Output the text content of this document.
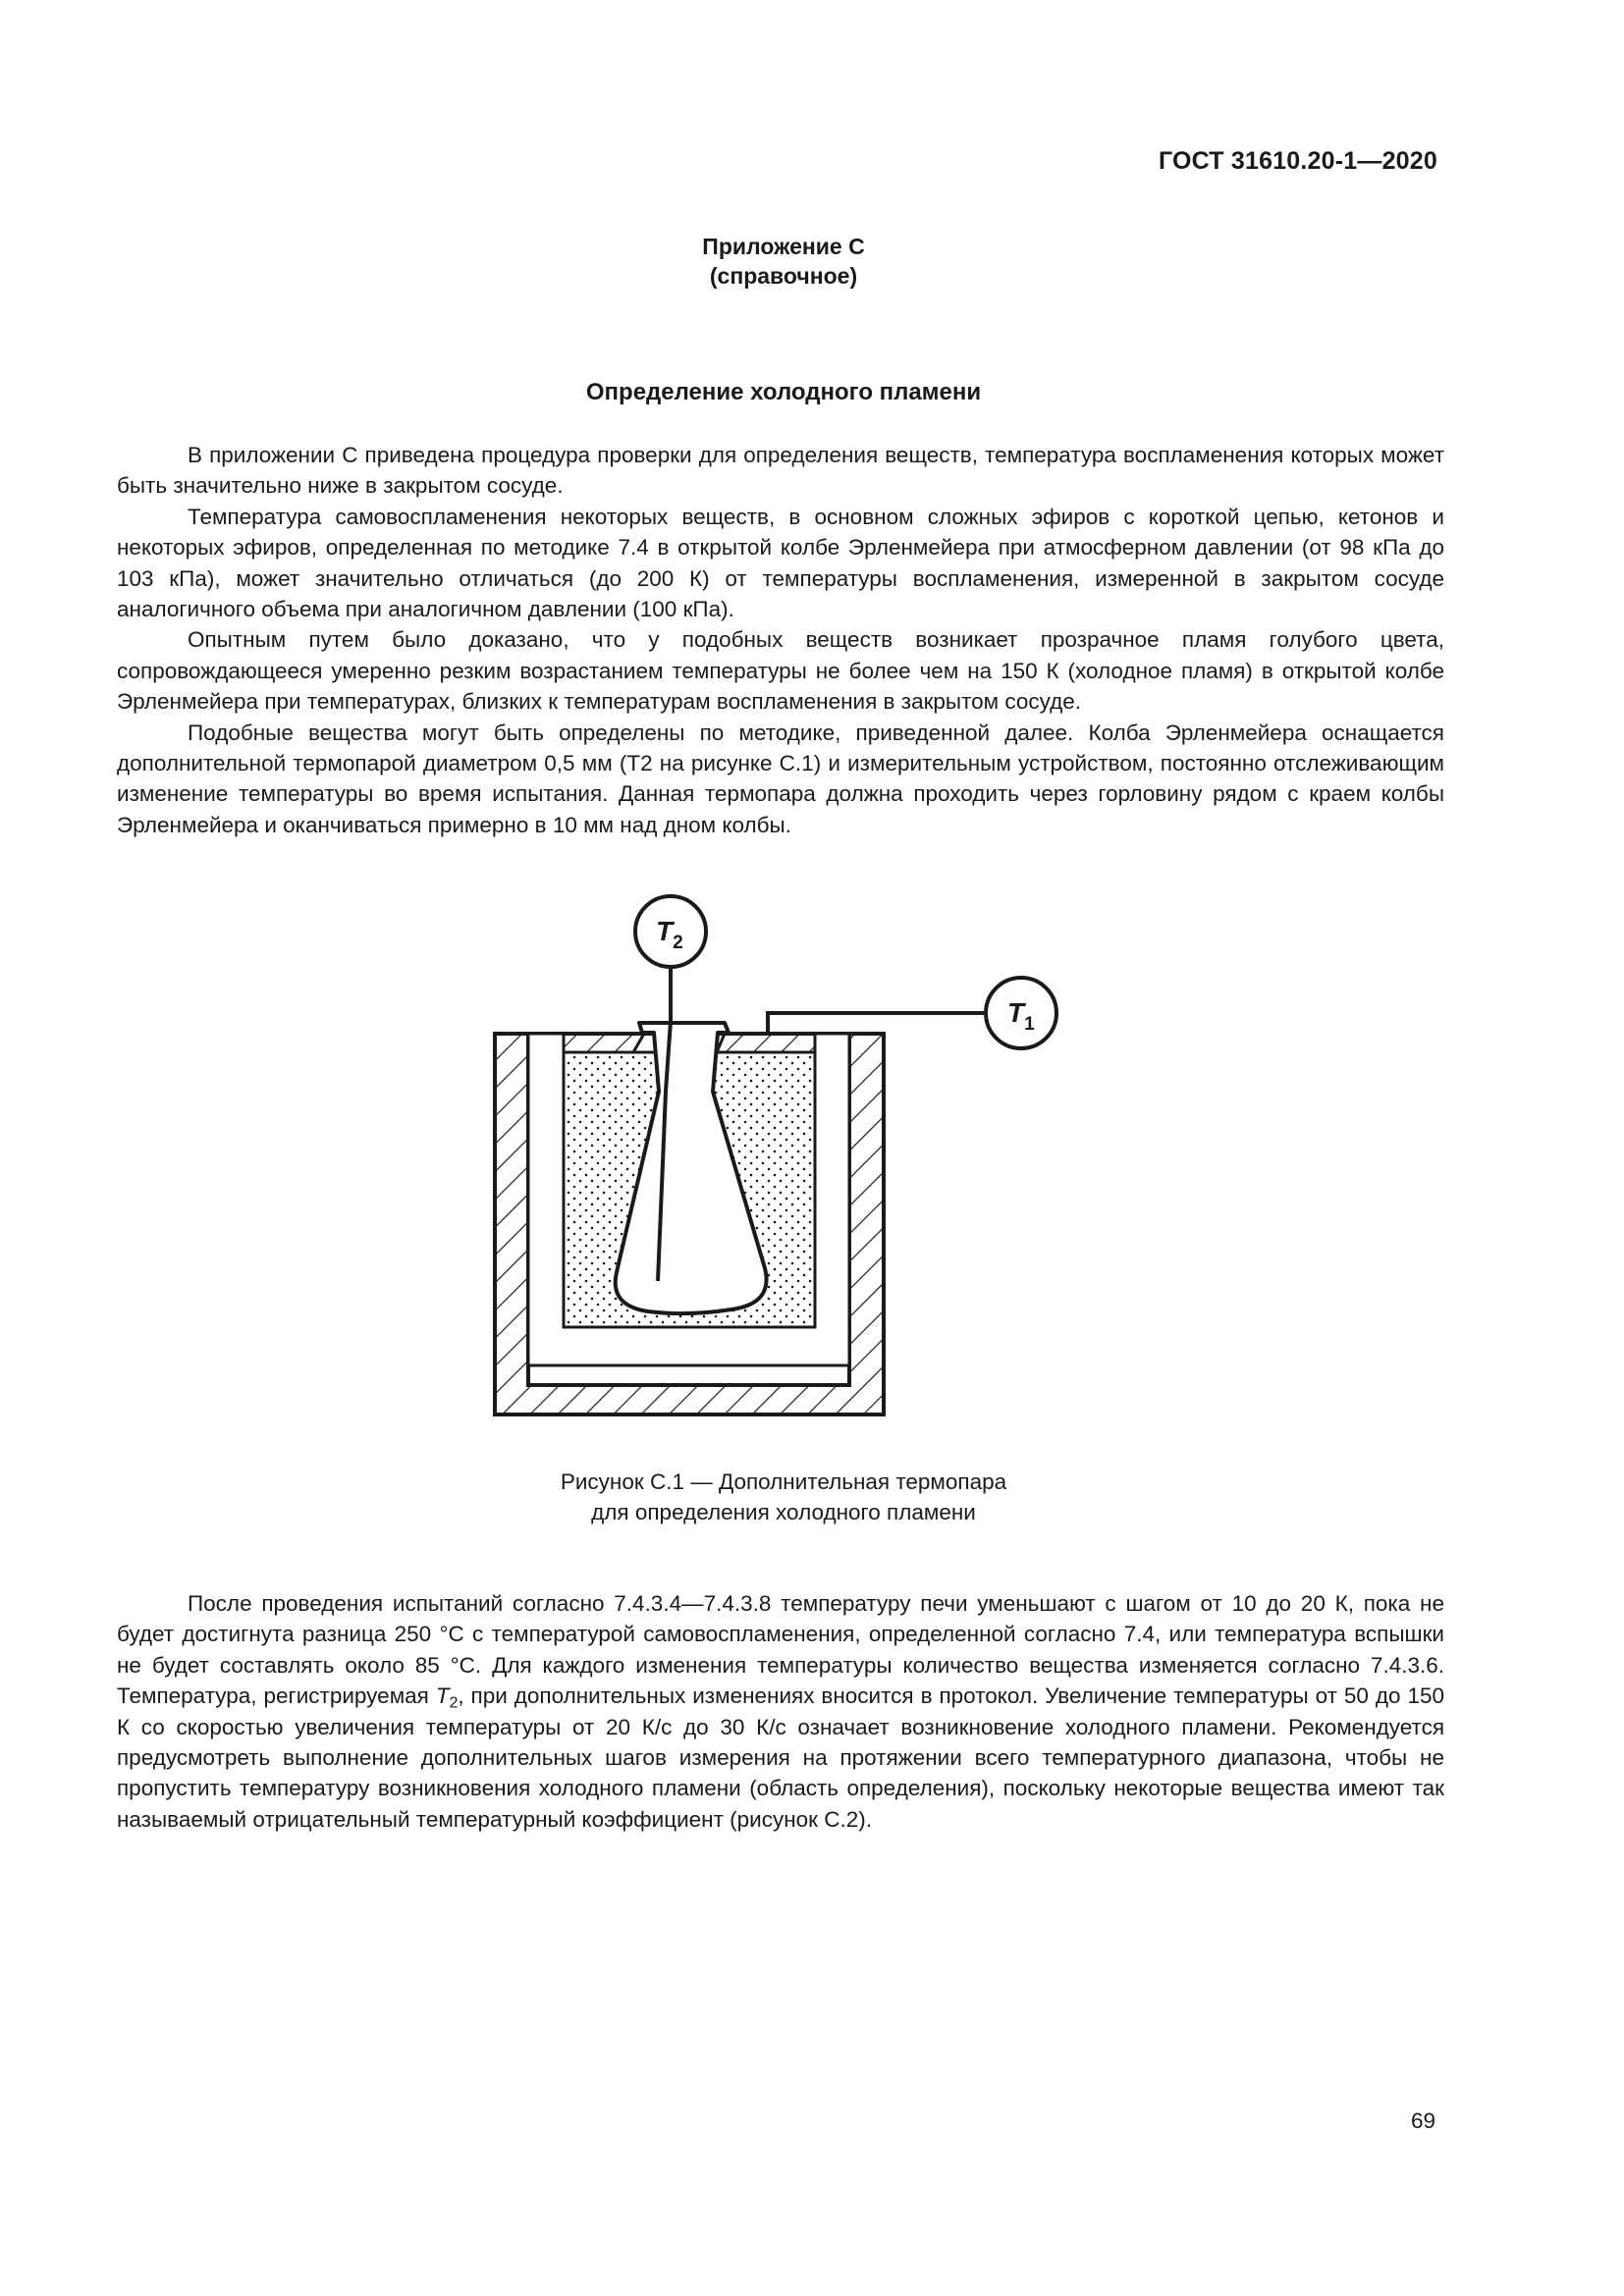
ГОСТ 31610.20-1—2020
Приложение С
(справочное)
Определение холодного пламени

В приложении С приведена процедура проверки для определения веществ, температура воспламенения которых может быть значительно ниже в закрытом сосуде.

Температура самовоспламенения некоторых веществ, в основном сложных эфиров с короткой цепью, кетонов и некоторых эфиров, определенная по методике 7.4 в открытой колбе Эрленмейера при атмосферном давлении (от 98 кПа до 103 кПа), может значительно отличаться (до 200 К) от температуры воспламенения, измеренной в закрытом сосуде аналогичного объема при аналогичном давлении (100 кПа).

Опытным путем было доказано, что у подобных веществ возникает прозрачное пламя голубого цвета, сопровождающееся умеренно резким возрастанием температуры не более чем на 150 К (холодное пламя) в открытой колбе Эрленмейера при температурах, близких к температурам воспламенения в закрытом сосуде.

Подобные вещества могут быть определены по методике, приведенной далее. Колба Эрленмейера оснащается дополнительной термопарой диаметром 0,5 мм (Т2 на рисунке С.1) и измерительным устройством, постоянно отслеживающим изменение температуры во время испытания. Данная термопара должна проходить через горловину рядом с краем колбы Эрленмейера и оканчиваться примерно в 10 мм над дном колбы.

$T_2$
$T_1$
Рисунок С.1 — Дополнительная термопара
для определения холодного пламени

После проведения испытаний согласно 7.4.3.4—7.4.3.8 температуру печи уменьшают с шагом от 10 до 20 К, пока не будет достигнута разница 250 °С с температурой самовоспламенения, определенной согласно 7.4, или температура вспышки не будет составлять около 85 °С. Для каждого изменения температуры количество вещества изменяется согласно 7.4.3.6. Температура, регистрируемая $T_2$, при дополнительных изменениях вносится в протокол. Увеличение температуры от 50 до 150 К со скоростью увеличения температуры от 20 К/с до 30 К/с означает возникновение холодного пламени. Рекомендуется предусмотреть выполнение дополнительных шагов измерения на протяжении всего температурного диапазона, чтобы не пропустить температуру возникновения холодного пламени (область определения), поскольку некоторые вещества имеют так называемый отрицательный температурный коэффициент (рисунок С.2).

69
